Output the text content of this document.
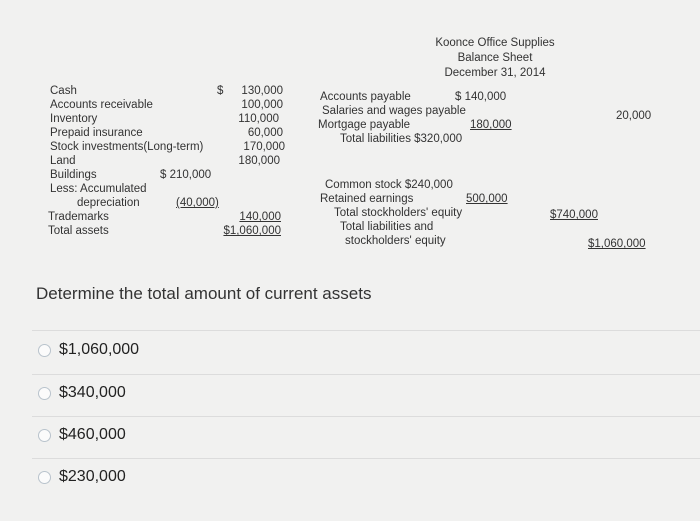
Koonce Office Supplies
Balance Sheet
December 31, 2014
Cash	$	130,000
Accounts receivable	100,000
Inventory	110,000
Prepaid insurance	60,000
Stock investments(Long-term)	170,000
Land	180,000
Buildings	$ 210,000
Less: Accumulated
depreciation	(40,000)
Trademarks	140,000
Total assets	$1,060,000
Accounts payable	$ 140,000
Salaries and wages payable	20,000
Mortgage payable	180,000
Total liabilities $320,000
Common stock $240,000
Retained earnings	500,000
Total stockholders' equity	$740,000
Total liabilities and
stockholders' equity	$1,060,000
Determine the total amount of current assets
$1,060,000
$340,000
$460,000
$230,000
